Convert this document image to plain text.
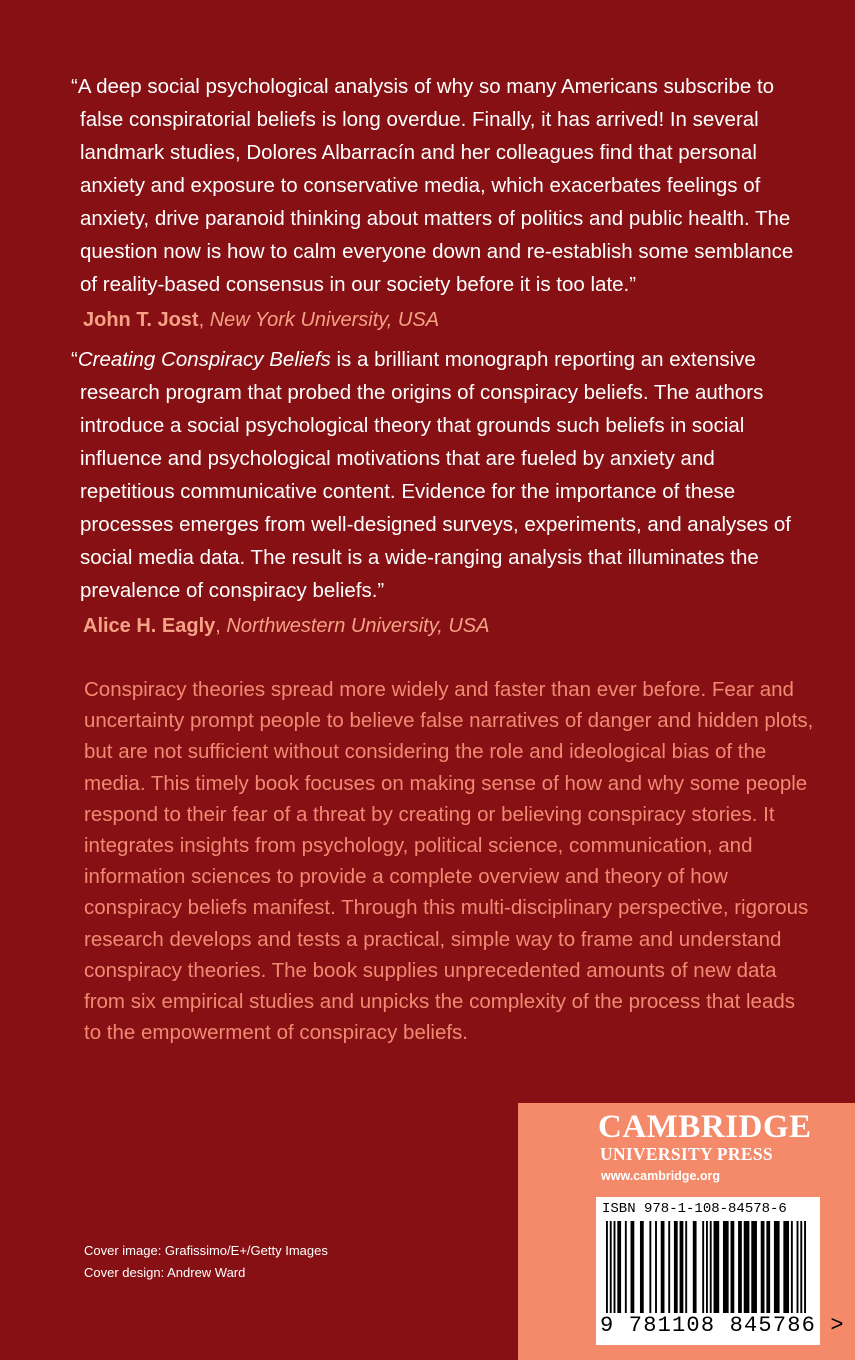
“A deep social psychological analysis of why so many Americans subscribe to false conspiratorial beliefs is long overdue. Finally, it has arrived! In several landmark studies, Dolores Albarracín and her colleagues find that personal anxiety and exposure to conservative media, which exacerbates feelings of anxiety, drive paranoid thinking about matters of politics and public health. The question now is how to calm everyone down and re-establish some semblance of reality-based consensus in our society before it is too late.”

John T. Jost, New York University, USA

“Creating Conspiracy Beliefs is a brilliant monograph reporting an extensive research program that probed the origins of conspiracy beliefs. The authors introduce a social psychological theory that grounds such beliefs in social influence and psychological motivations that are fueled by anxiety and repetitious communicative content. Evidence for the importance of these processes emerges from well-designed surveys, experiments, and analyses of social media data. The result is a wide-ranging analysis that illuminates the prevalence of conspiracy beliefs.”

Alice H. Eagly, Northwestern University, USA

Conspiracy theories spread more widely and faster than ever before. Fear and uncertainty prompt people to believe false narratives of danger and hidden plots, but are not sufficient without considering the role and ideological bias of the media. This timely book focuses on making sense of how and why some people respond to their fear of a threat by creating or believing conspiracy stories. It integrates insights from psychology, political science, communication, and information sciences to provide a complete overview and theory of how conspiracy beliefs manifest. Through this multi-disciplinary perspective, rigorous research develops and tests a practical, simple way to frame and understand conspiracy theories. The book supplies unprecedented amounts of new data from six empirical studies and unpicks the complexity of the process that leads to the empowerment of conspiracy beliefs.

Cover image: Grafissimo/E+/Getty Images
Cover design: Andrew Ward
CAMBRIDGE
UNIVERSITY PRESS
www.cambridge.org
ISBN 978-1-108-84578-6
9 781108 845786 >
